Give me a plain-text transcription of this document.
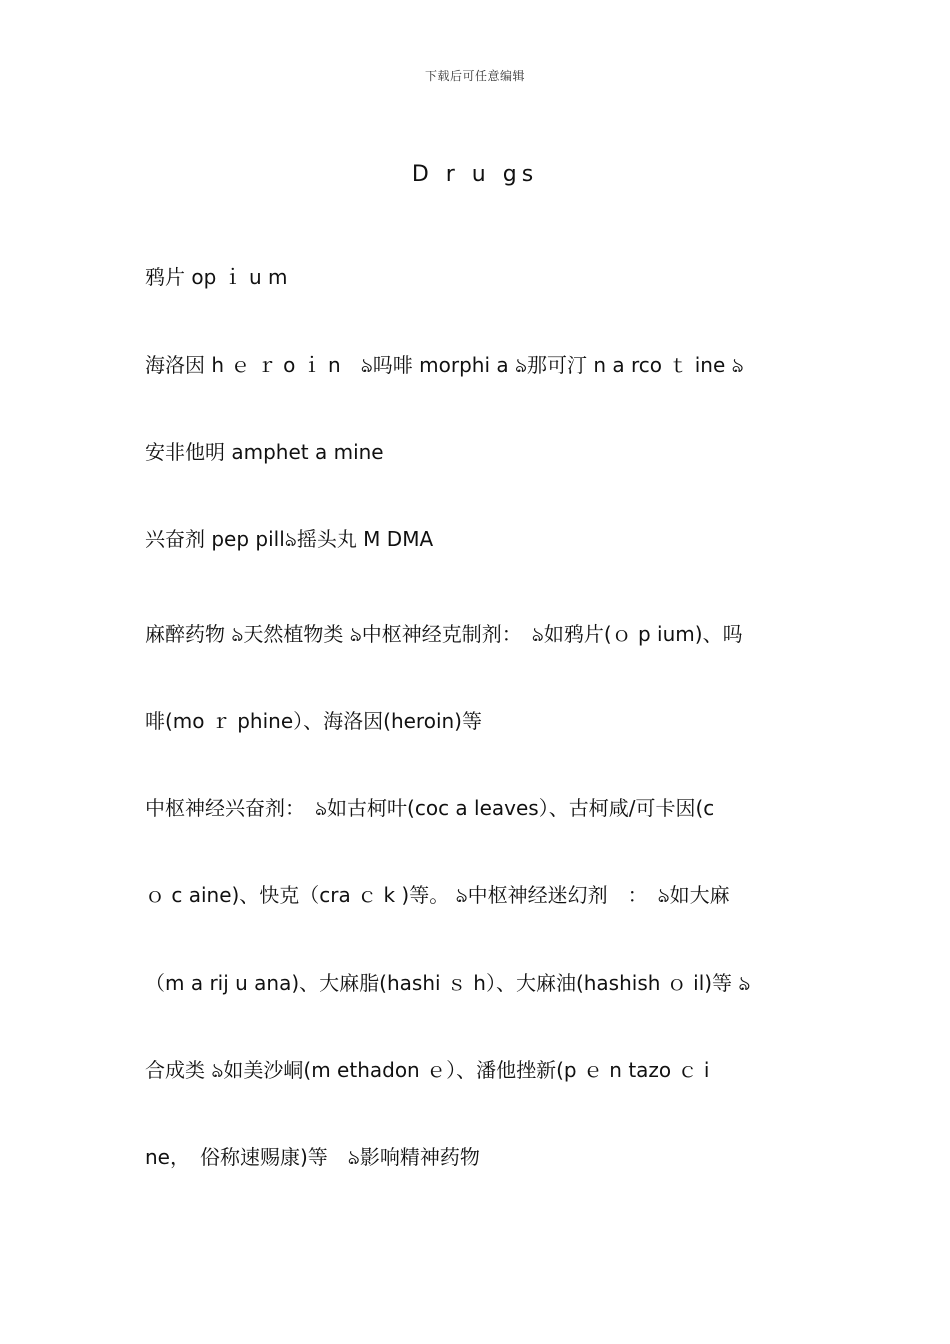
下载后可任意编辑
D r u gs
鸦片 op ｉ u m
海洛因 h ｅ ｒ o ｉ n　ঌ吗啡 morphi a ঌ那可汀 n a rco ｔ ine ঌ
安非他明 amphet a mine
兴奋剂 pep pillঌ摇头丸 M DMA
麻醉药物 ঌ天然植物类 ঌ中枢神经克制剂：　ঌ如鸦片(ｏ p ium)、吗
啡(mo ｒ phine）、海洛因(heroin)等
中枢神经兴奋剂：　ঌ如古柯叶(coc a leaves）、古柯咸/可卡因(c
ｏ c aine)、快克（cra ｃ k )等。 ঌ中枢神经迷幻剂　：　ঌ如大麻
（m a rij u ana)、大麻脂(hashi ｓ h）、大麻油(hashish ｏ il)等 ঌ
合成类 ঌ如美沙峒(m ethadon ｅ）、潘他挫新(p ｅ n tazo ｃ i
ne，　俗称速赐康)等　ঌ影响精神药物
